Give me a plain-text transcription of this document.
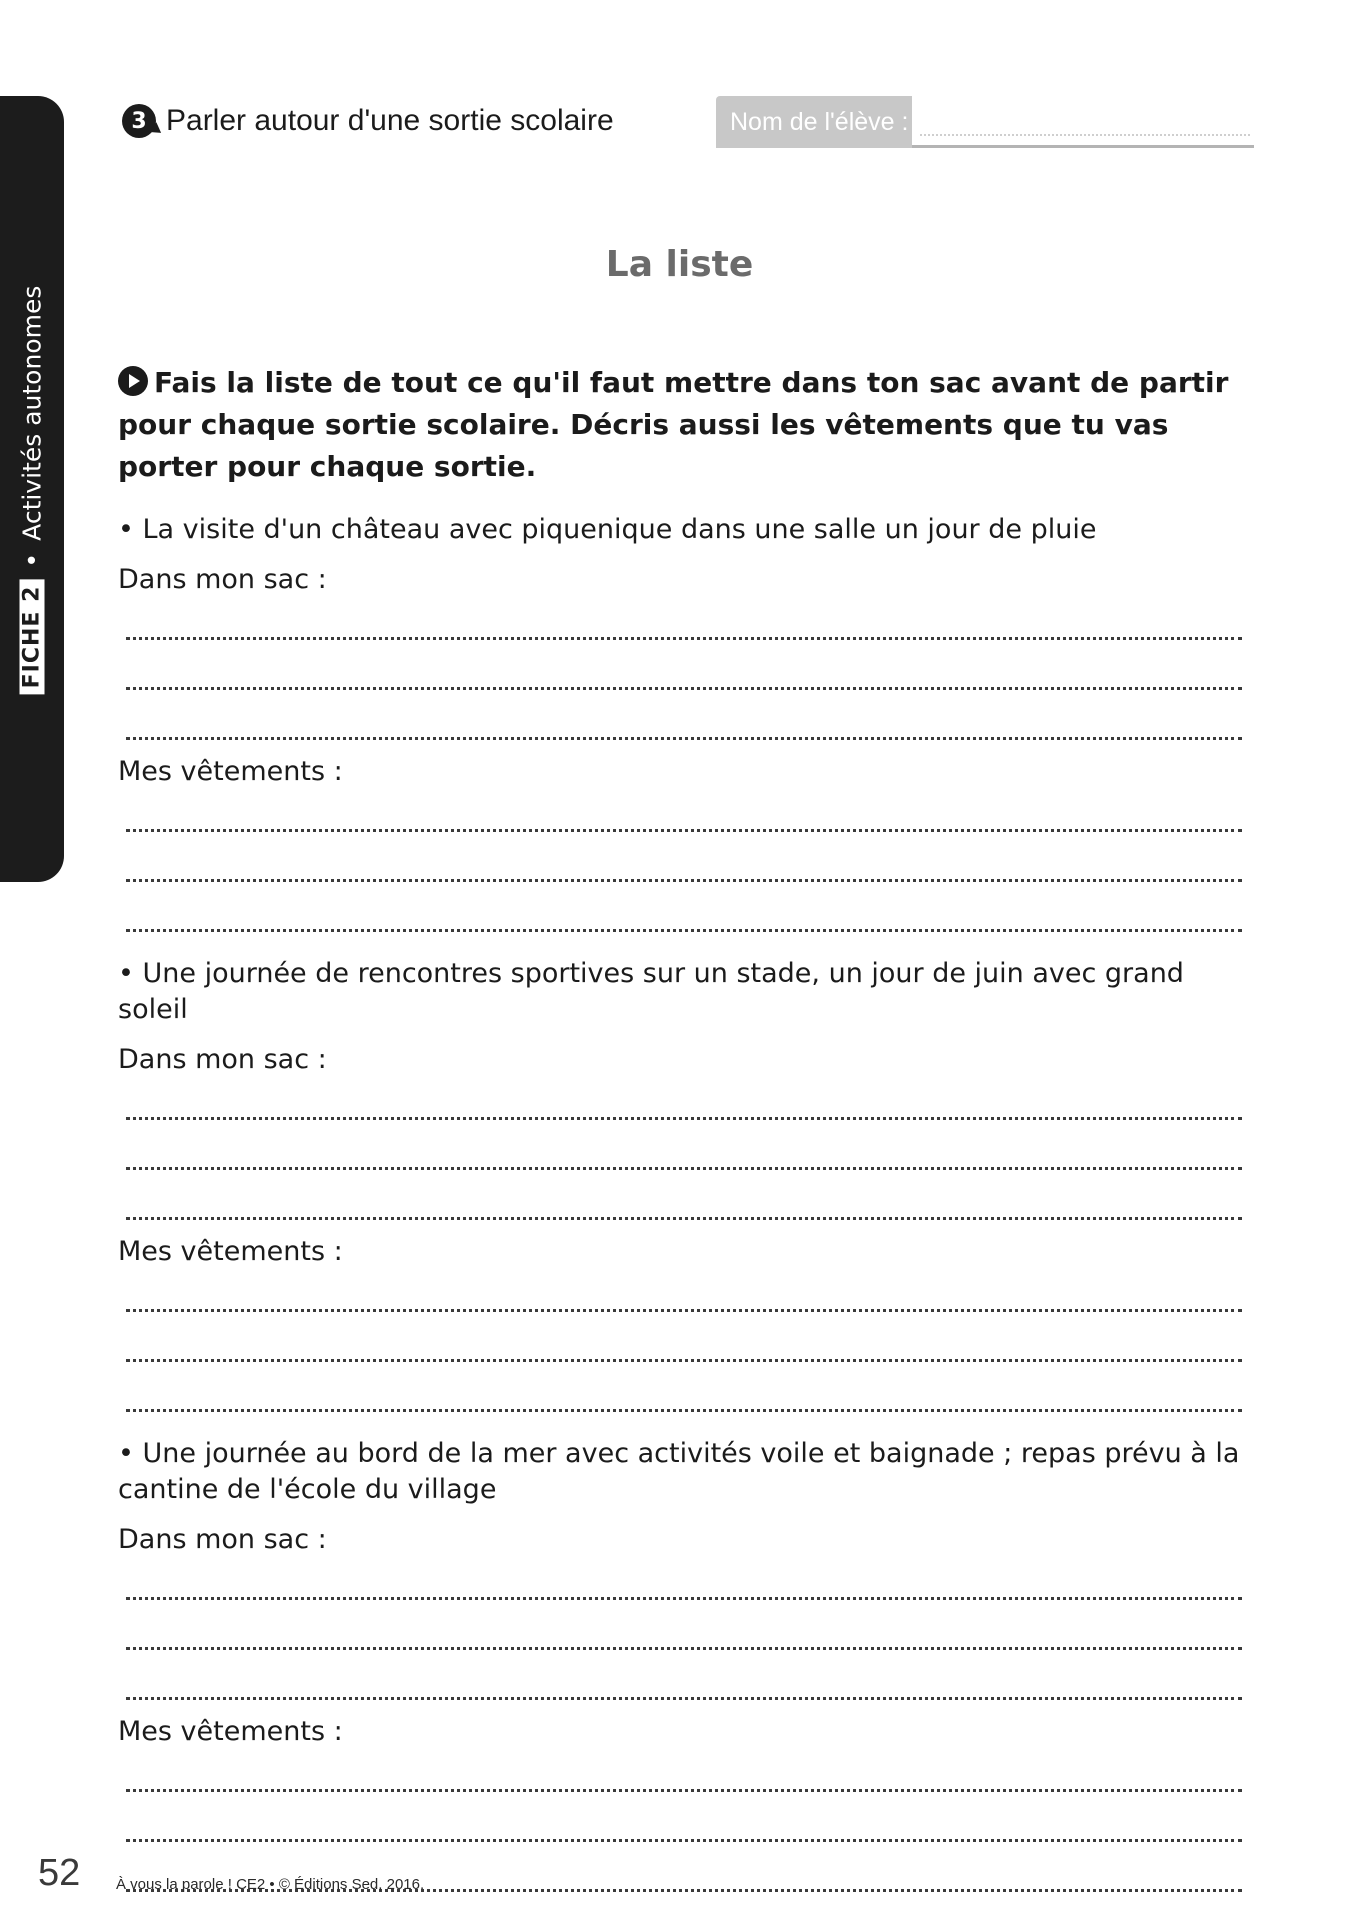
FICHE 2
•
Activités autonomes
3 Parler autour d'une sortie scolaire	Nom de l'élève :
La liste

Fais la liste de tout ce qu'il faut mettre dans ton sac avant de partir pour chaque sortie scolaire. Décris aussi les vêtements que tu vas porter pour chaque sortie.

• La visite d'un château avec piquenique dans une salle un jour de pluie

Dans mon sac :
Mes vêtements :

• Une journée de rencontres sportives sur un stade, un jour de juin avec grand soleil

Dans mon sac :
Mes vêtements :

• Une journée au bord de la mer avec activités voile et baignade ; repas prévu à la cantine de l'école du village

Dans mon sac :
Mes vêtements :
52 À vous la parole ! CE2 • © Éditions Sed, 2016.
